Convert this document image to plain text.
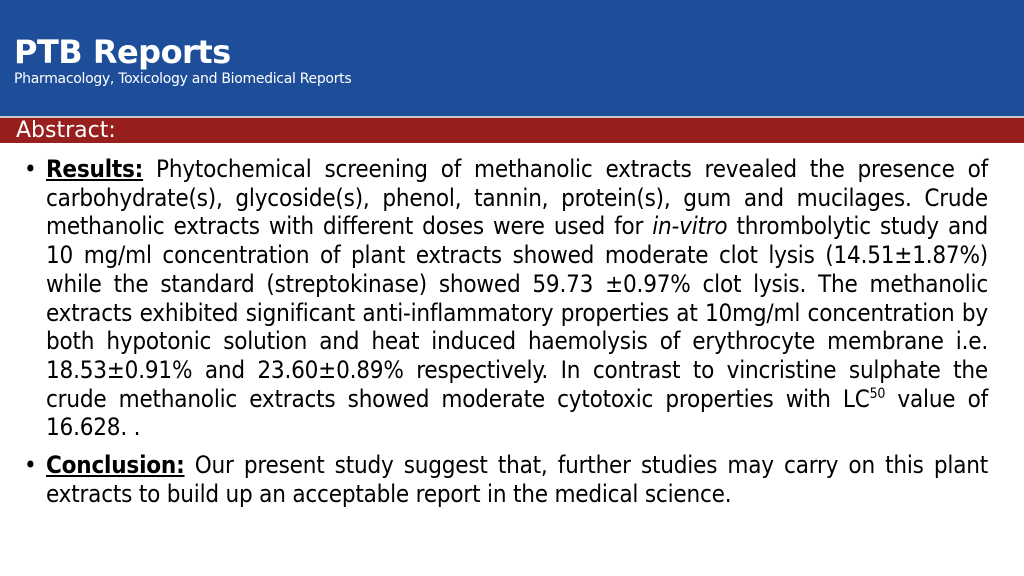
PTB Reports
Pharmacology, Toxicology and Biomedical Reports
Abstract:
• Results: Phytochemical screening of methanolic extracts revealed the presence of carbohydrate(s), glycoside(s), phenol, tannin, protein(s), gum and mucilages. Crude methanolic extracts with different doses were used for in-vitro thrombolytic study and 10 mg/ml concentration of plant extracts showed moderate clot lysis (14.51±1.87%) while the standard (streptokinase) showed 59.73 ±0.97% clot lysis. The methanolic extracts exhibited significant anti-inflammatory properties at 10mg/ml concentration by both hypotonic solution and heat induced haemolysis of erythrocyte membrane i.e. 18.53±0.91% and 23.60±0.89% respectively. In contrast to vincristine sulphate the crude methanolic extracts showed moderate cytotoxic properties with LC$^{50}$ value of 16.628. .
• Conclusion: Our present study suggest that, further studies may carry on this plant extracts to build up an acceptable report in the medical science.
